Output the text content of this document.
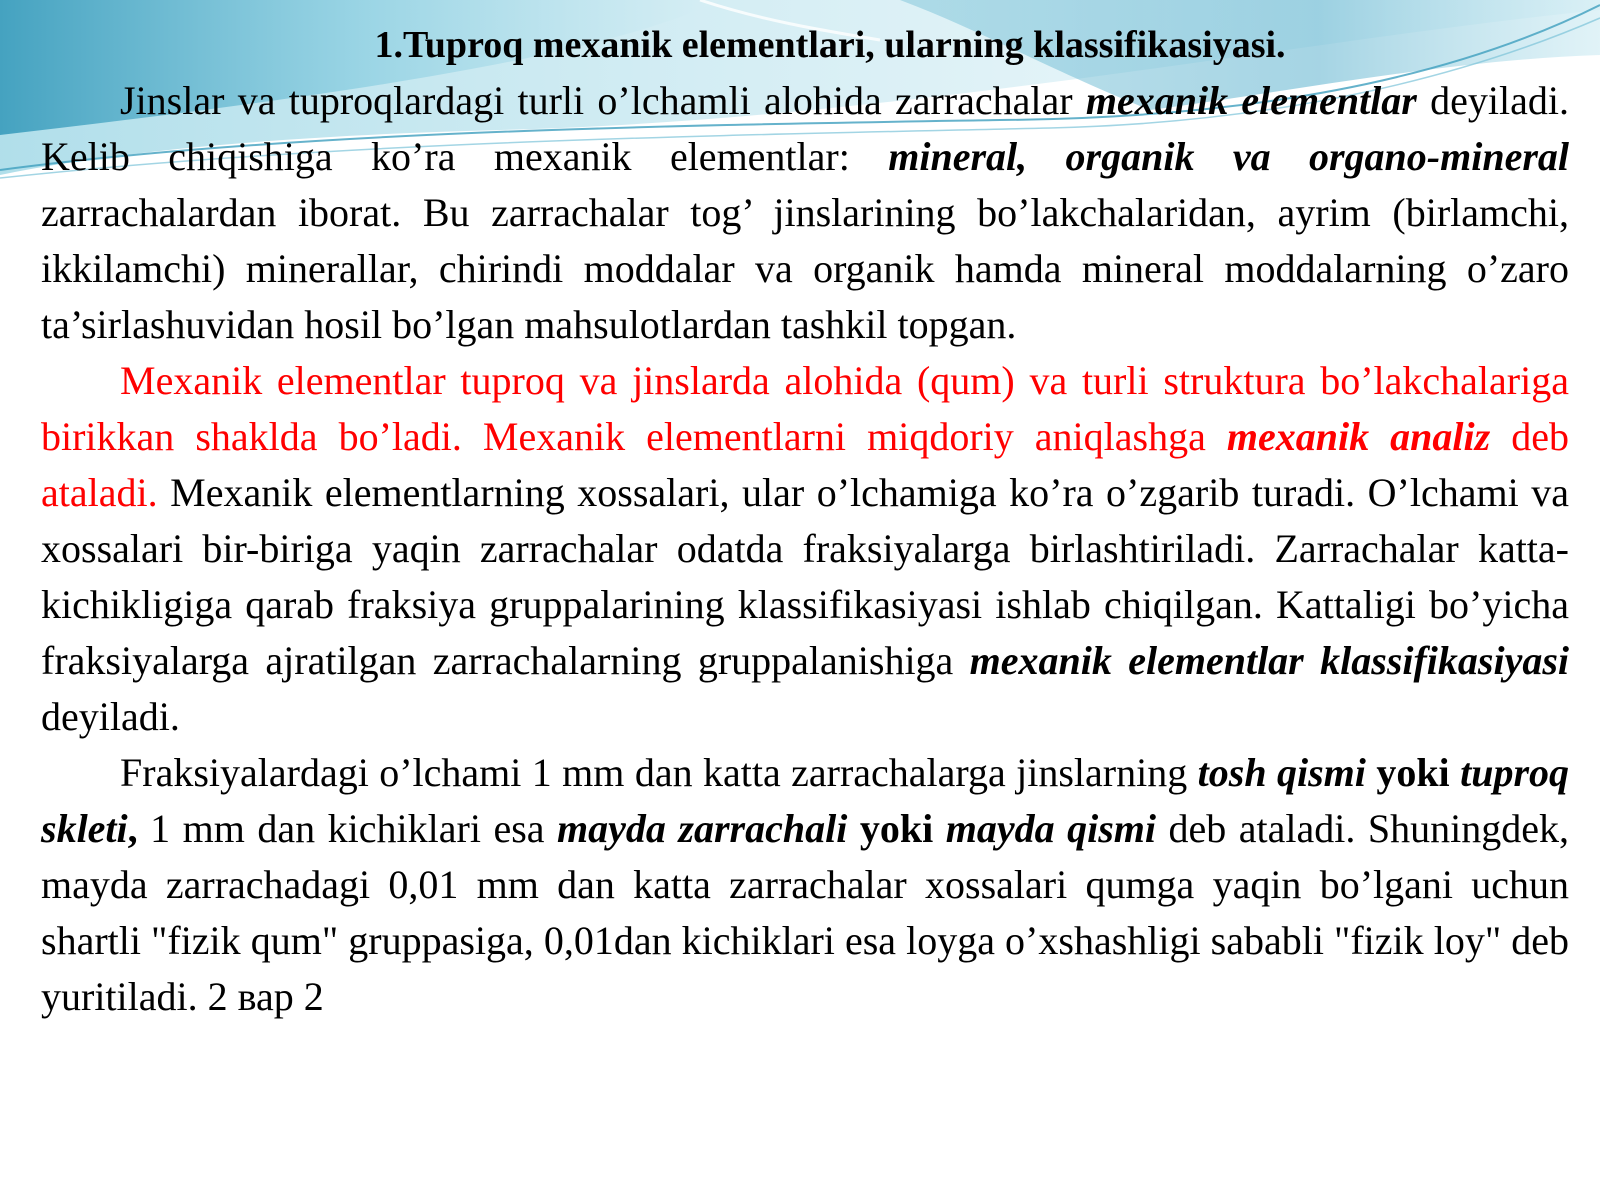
1.Tuproq mexanik elementlari, ularning klassifikasiyasi.

Jinslar va tuproqlardagi turli o’lchamli alohida zarrachalar mexanik elementlar deyiladi. Kelib chiqishiga ko’ra mexanik elementlar: mineral, organik va organo-mineral zarrachalardan iborat. Bu zarrachalar tog’ jinslarining bo’lakchalaridan, ayrim (birlamchi, ikkilamchi) minerallar, chirindi moddalar va organik hamda mineral moddalarning o’zaro ta’sirlashuvidan hosil bo’lgan mahsulotlardan tashkil topgan.

Mexanik elementlar tuproq va jinslarda alohida (qum) va turli struktura bo’lakchalariga birikkan shaklda bo’ladi. Mexanik elementlarni miqdoriy aniqlashga mexanik analiz deb ataladi. Mexanik elementlarning xossalari, ular o’lchamiga ko’ra o’zgarib turadi. O’lchami va xossalari bir-biriga yaqin zarrachalar odatda fraksiyalarga birlashtiriladi. Zarrachalar katta-kichikligiga qarab fraksiya gruppalarining klassifikasiyasi ishlab chiqilgan. Kattaligi bo’yicha fraksiyalarga ajratilgan zarrachalarning gruppalanishiga mexanik elementlar klassifikasiyasi deyiladi.

Fraksiyalardagi o’lchami 1 mm dan katta zarrachalarga jinslarning tosh qismi yoki tuproq skleti, 1 mm dan kichiklari esa mayda zarrachali yoki mayda qismi deb ataladi. Shuningdek, mayda zarrachadagi 0,01 mm dan katta zarrachalar xossalari qumga yaqin bo’lgani uchun shartli "fizik qum" gruppasiga, 0,01dan kichiklari esa loyga o’xshashligi sababli "fizik loy" deb yuritiladi. 2 вар 2
